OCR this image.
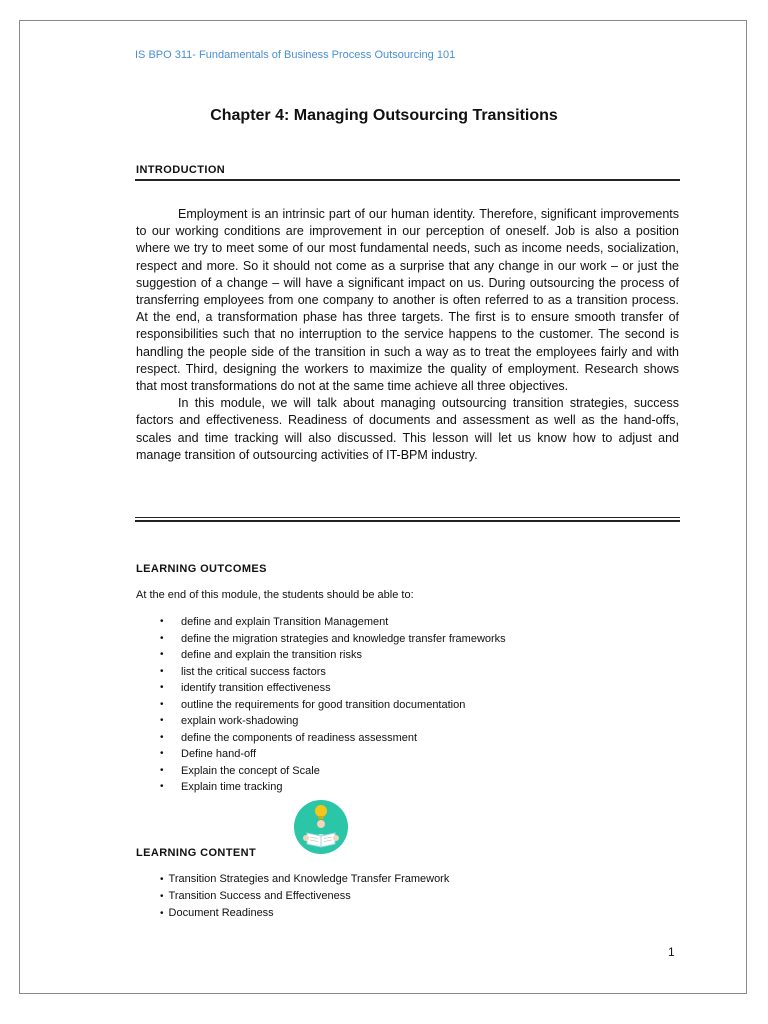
IS BPO 311- Fundamentals of Business Process Outsourcing 101
Chapter 4: Managing Outsourcing Transitions
INTRODUCTION

Employment is an intrinsic part of our human identity. Therefore, significant improvements to our working conditions are improvement in our perception of oneself. Job is also a position where we try to meet some of our most fundamental needs, such as income needs, socialization, respect and more. So it should not come as a surprise that any change in our work – or just the suggestion of a change – will have a significant impact on us. During outsourcing the process of transferring employees from one company to another is often referred to as a transition process. At the end, a transformation phase has three targets. The first is to ensure smooth transfer of responsibilities such that no interruption to the service happens to the customer. The second is handling the people side of the transition in such a way as to treat the employees fairly and with respect. Third, designing the workers to maximize the quality of employment. Research shows that most transformations do not at the same time achieve all three objectives.

In this module, we will talk about managing outsourcing transition strategies, success factors and effectiveness. Readiness of documents and assessment as well as the hand-offs, scales and time tracking will also discussed. This lesson will let us know how to adjust and manage transition of outsourcing activities of IT-BPM industry.

LEARNING OUTCOMES
At the end of this module, the students should be able to:
• define and explain Transition Management
• define the migration strategies and knowledge transfer frameworks
• define and explain the transition risks
• list the critical success factors
• identify transition effectiveness
• outline the requirements for good transition documentation
• explain work-shadowing
• define the components of readiness assessment
• Define hand-off
• Explain the concept of Scale
• Explain time tracking
LEARNING CONTENT
• Transition Strategies and Knowledge Transfer Framework
• Transition Success and Effectiveness
• Document Readiness
1
